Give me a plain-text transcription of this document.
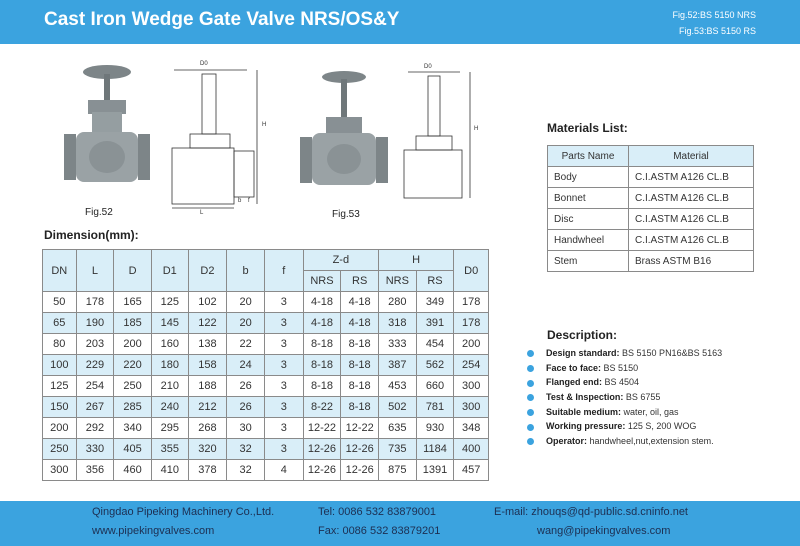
Cast Iron Wedge Gate Valve NRS/OS&Y	Fig.52:BS 5150 NRS
Fig.53:BS 5150 RS
D0
H
L
b f
Fig.52
D0
H
Fig.53
Dimension(mm):
DN	L	D	D1	D2	b	f	Z-d		H		D0
							NRS	RS	NRS	RS	
50	178	165	125	102	20	3	4-18	4-18	280	349	178
65	190	185	145	122	20	3	4-18	4-18	318	391	178
80	203	200	160	138	22	3	8-18	8-18	333	454	200
100	229	220	180	158	24	3	8-18	8-18	387	562	254
125	254	250	210	188	26	3	8-18	8-18	453	660	300
150	267	285	240	212	26	3	8-22	8-18	502	781	300
200	292	340	295	268	30	3	12-22	12-22	635	930	348
250	330	405	355	320	32	3	12-26	12-26	735	1184	400
300	356	460	410	378	32	4	12-26	12-26	875	1391	457
Materials List:
Parts Name	Material
Body	C.I.ASTM A126 CL.B
Bonnet	C.I.ASTM A126 CL.B
Disc	C.I.ASTM A126 CL.B
Handwheel	C.I.ASTM A126 CL.B
Stem	Brass ASTM B16
Description:
Design standard: BS 5150 PN16&BS 5163
Face to face: BS 5150
Flanged end: BS 4504
Test & Inspection: BS 6755
Suitable medium: water, oil, gas
Working pressure: 125 S, 200 WOG
Operator: handwheel,nut,extension stem.
Qingdao Pipeking Machinery Co.,Ltd.
www.pipekingvalves.com
Tel: 0086 532 83879001
Fax: 0086 532 83879201
E-mail: zhouqs@qd-public.sd.cninfo.net
wang@pipekingvalves.com
